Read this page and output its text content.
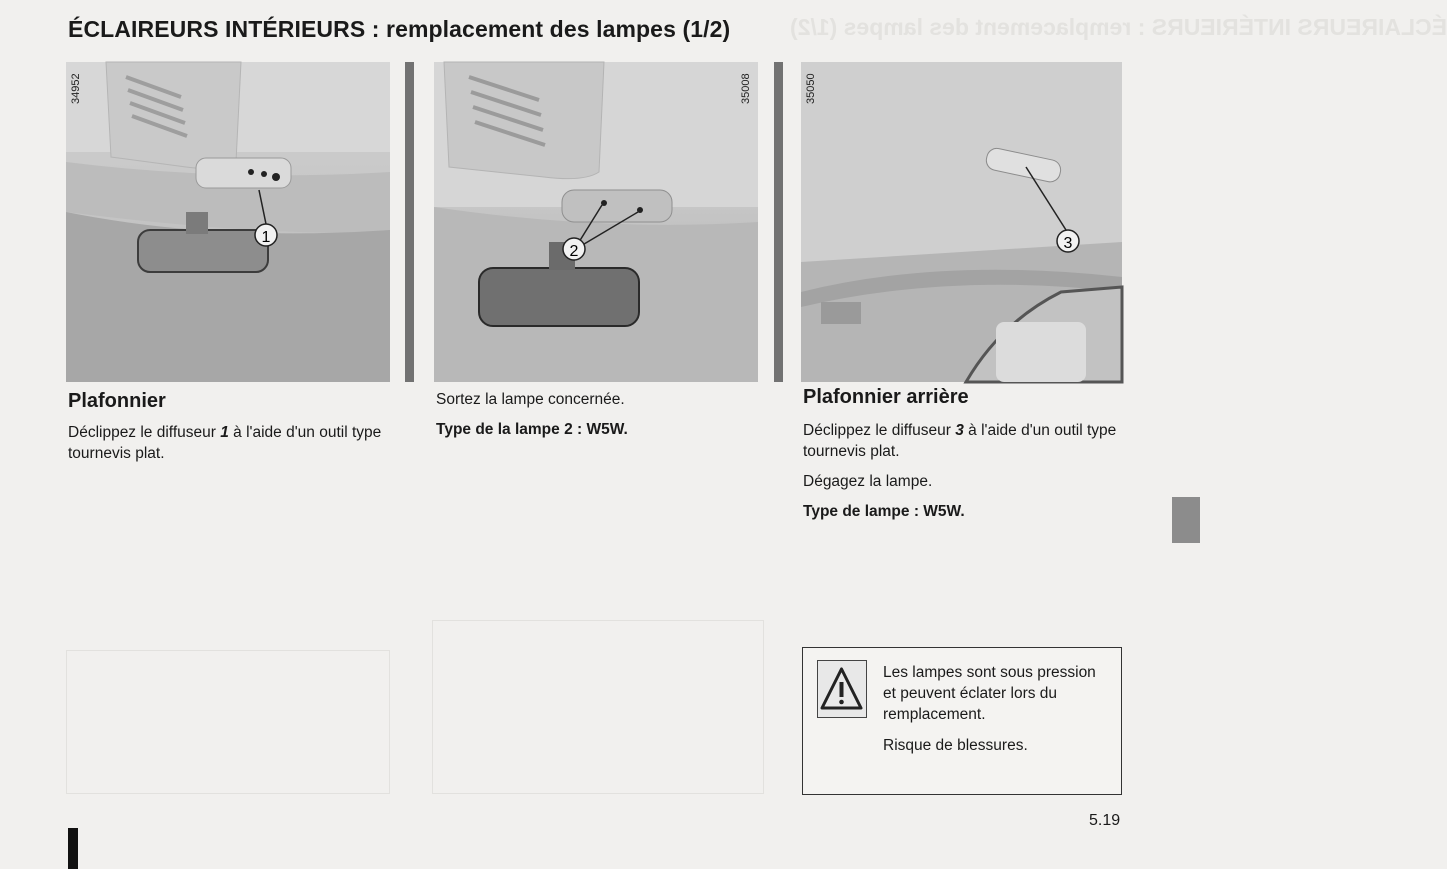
ÉCLAIREURS INTÉRIEURS : remplacement des lampes (1/2)
ÉCLAIREURS INTÉRIEURS : remplacement des lampes (1/2)
1
34952
2
35008
3
35050
Plafonnier

Déclippez le diffuseur 1 à l'aide d'un outil type tournevis plat.

Sortez la lampe concernée.

Type de la lampe 2 : W5W.

Plafonnier arrière

Déclippez le diffuseur 3 à l'aide d'un outil type tournevis plat.

Dégagez la lampe.

Type de lampe : W5W.

Les lampes sont sous pression et peuvent éclater lors du remplacement.

Risque de blessures.

5.19
